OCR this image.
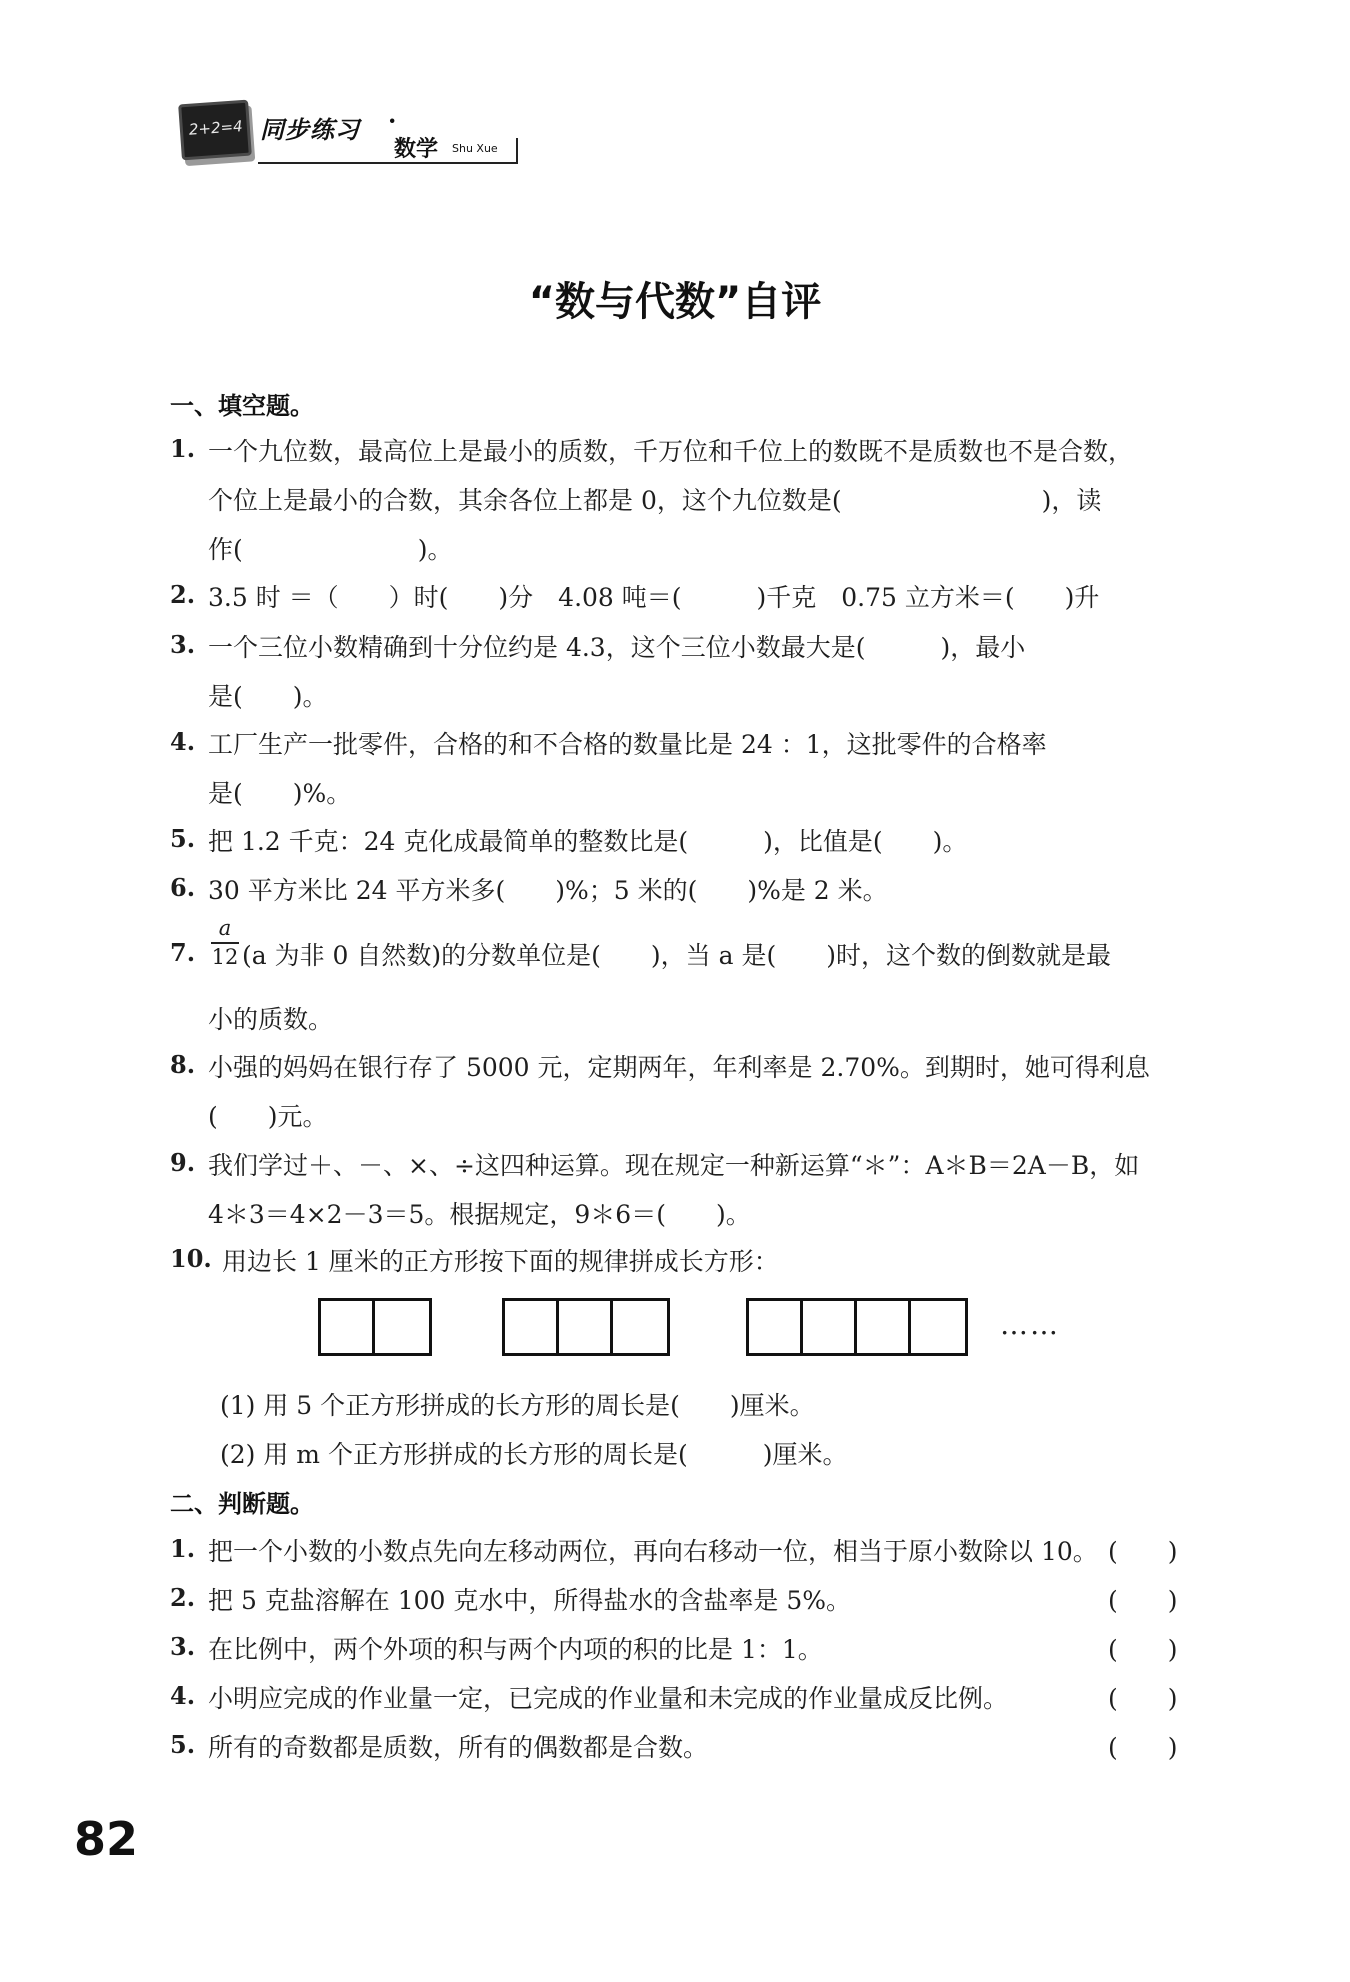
2+2=4 同步练习 ·
数学 Shu Xue
“数与代数”自评
一、填空题。
1. 一个九位数，最高位上是最小的质数，千万位和千位上的数既不是质数也不是合数，
个位上是最小的合数，其余各位上都是 0，这个九位数是(　　　　　　　　)，读
作(　　　　　　　)。
2. 3.5 时 ＝（　　）时(　　)分　4.08 吨＝(　　　)千克　0.75 立方米＝(　　)升
3. 一个三位小数精确到十分位约是 4.3，这个三位小数最大是(　　　)，最小
是(　　)。
4. 工厂生产一批零件，合格的和不合格的数量比是 24 ：1，这批零件的合格率
是(　　)%。
5. 把 1.2 千克：24 克化成最简单的整数比是(　　　)，比值是(　　)。
6. 30 平方米比 24 平方米多(　　)%；5 米的(　　)%是 2 米。
7.
a
12 (a 为非 0 自然数)的分数单位是(　　)，当 a 是(　　)时，这个数的倒数就是最
小的质数。
8. 小强的妈妈在银行存了 5000 元，定期两年，年利率是 2.70%。到期时，她可得利息
(　　)元。
9. 我们学过＋、－、×、÷这四种运算。现在规定一种新运算“＊”：A＊B＝2A－B，如
4＊3＝4×2－3＝5。根据规定，9＊6＝(　　)。
10. 用边长 1 厘米的正方形按下面的规律拼成长方形：
……
(1) 用 5 个正方形拼成的长方形的周长是(　　)厘米。
(2) 用 m 个正方形拼成的长方形的周长是(　　　)厘米。
二、判断题。
1. 把一个小数的小数点先向左移动两位，再向右移动一位，相当于原小数除以 10。 (　　)
2. 把 5 克盐溶解在 100 克水中，所得盐水的含盐率是 5%。	(　　)
3. 在比例中，两个外项的积与两个内项的积的比是 1：1。	(　　)
4. 小明应完成的作业量一定，已完成的作业量和未完成的作业量成反比例。	(　　)
5. 所有的奇数都是质数，所有的偶数都是合数。	(　　)
82
